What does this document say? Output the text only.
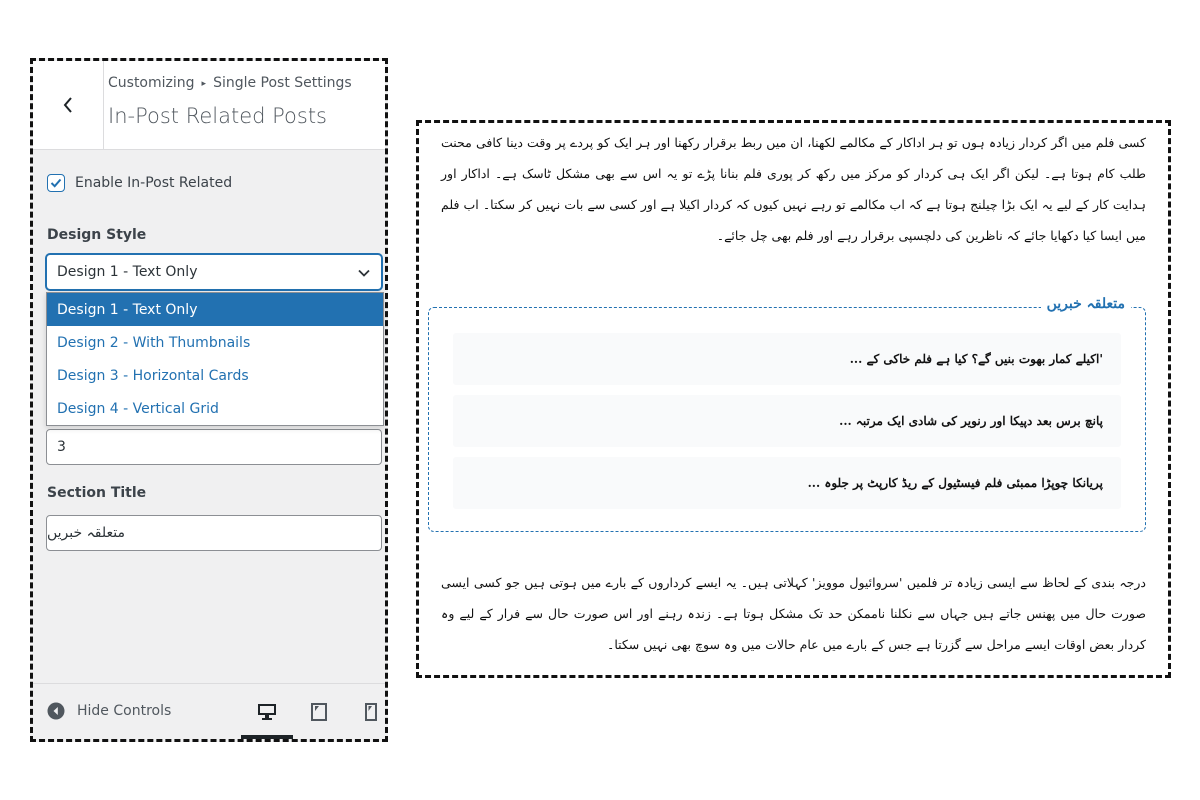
Customizing ▸ Single Post Settings
In-Post Related Posts
Enable In-Post Related
Design Style
Design 1 - Text Only
Design 1 - Text Only
Design 2 - With Thumbnails
Design 3 - Horizontal Cards
Design 4 - Vertical Grid
3
Section Title
متعلقہ خبریں
Hide Controls
کسی فلم میں اگر کردار زیادہ ہوں تو ہر اداکار کے مکالمے لکھنا، ان میں ربط برقرار رکھنا اور ہر ایک کو پردے پر وقت دینا کافی محنت طلب کام ہوتا ہے۔ لیکن اگر ایک ہی کردار کو مرکز میں رکھ کر پوری فلم بنانا پڑے تو یہ اس سے بھی مشکل ٹاسک ہے۔ اداکار اور ہدایت کار کے لیے یہ ایک بڑا چیلنج ہوتا ہے کہ اب مکالمے تو رہے نہیں کیوں کہ کردار اکیلا ہے اور کسی سے بات نہیں کر سکتا۔ اب فلم میں ایسا کیا دکھایا جائے کہ ناظرین کی دلچسپی برقرار رہے اور فلم بھی چل جائے۔
متعلقہ خبریں
'اکیلے کمار بھوت بنیں گے؟ کیا ہے فلم خاکی کے ...
پانچ برس بعد دپیکا اور رنویر کی شادی ایک مرتبہ ...
پریانکا چوپڑا ممبئی فلم فیسٹیول کے ریڈ کارپٹ پر جلوہ ...
درجہ بندی کے لحاظ سے ایسی زیادہ تر فلمیں 'سروائیول موویز' کہلاتی ہیں۔ یہ ایسے کرداروں کے بارے میں ہوتی ہیں جو کسی ایسی صورت حال میں پھنس جاتے ہیں جہاں سے نکلنا ناممکن حد تک مشکل ہوتا ہے۔ زندہ رہنے اور اس صورت حال سے فرار کے لیے وہ کردار بعض اوقات ایسے مراحل سے گزرتا ہے جس کے بارے میں عام حالات میں وہ سوچ بھی نہیں سکتا۔
